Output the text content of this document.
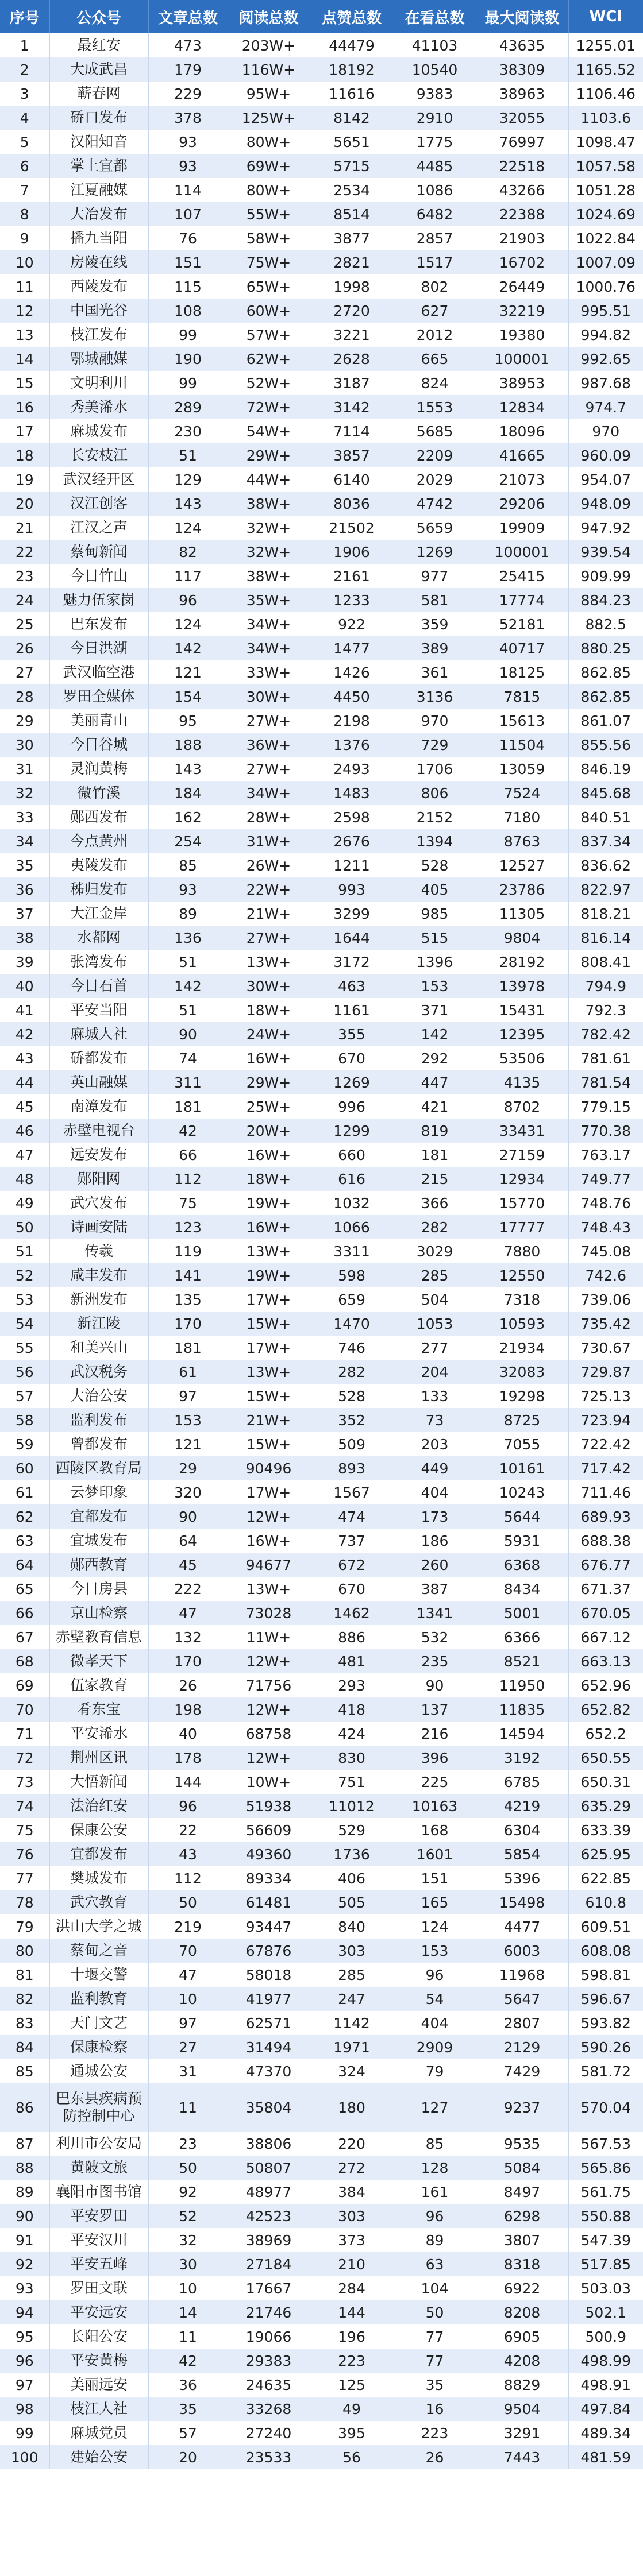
序号	公众号	文章总数	阅读总数	点赞总数	在看总数	最大阅读数	WCI
1	最红安	473	203W+	44479	41103	43635	1255.01
2	大成武昌	179	116W+	18192	10540	38309	1165.52
3	蕲春网	229	95W+	11616	9383	38963	1106.46
4	硚口发布	378	125W+	8142	2910	32055	1103.6
5	汉阳知音	93	80W+	5651	1775	76997	1098.47
6	掌上宜都	93	69W+	5715	4485	22518	1057.58
7	江夏融媒	114	80W+	2534	1086	43266	1051.28
8	大冶发布	107	55W+	8514	6482	22388	1024.69
9	播九当阳	76	58W+	3877	2857	21903	1022.84
10	房陵在线	151	75W+	2821	1517	16702	1007.09
11	西陵发布	115	65W+	1998	802	26449	1000.76
12	中国光谷	108	60W+	2720	627	32219	995.51
13	枝江发布	99	57W+	3221	2012	19380	994.82
14	鄂城融媒	190	62W+	2628	665	100001	992.65
15	文明利川	99	52W+	3187	824	38953	987.68
16	秀美浠水	289	72W+	3142	1553	12834	974.7
17	麻城发布	230	54W+	7114	5685	18096	970
18	长安枝江	51	29W+	3857	2209	41665	960.09
19	武汉经开区	129	44W+	6140	2029	21073	954.07
20	汉江创客	143	38W+	8036	4742	29206	948.09
21	江汉之声	124	32W+	21502	5659	19909	947.92
22	蔡甸新闻	82	32W+	1906	1269	100001	939.54
23	今日竹山	117	38W+	2161	977	25415	909.99
24	魅力伍家岗	96	35W+	1233	581	17774	884.23
25	巴东发布	124	34W+	922	359	52181	882.5
26	今日洪湖	142	34W+	1477	389	40717	880.25
27	武汉临空港	121	33W+	1426	361	18125	862.85
28	罗田全媒体	154	30W+	4450	3136	7815	862.85
29	美丽青山	95	27W+	2198	970	15613	861.07
30	今日谷城	188	36W+	1376	729	11504	855.56
31	灵润黄梅	143	27W+	2493	1706	13059	846.19
32	微竹溪	184	34W+	1483	806	7524	845.68
33	郧西发布	162	28W+	2598	2152	7180	840.51
34	今点黄州	254	31W+	2676	1394	8763	837.34
35	夷陵发布	85	26W+	1211	528	12527	836.62
36	秭归发布	93	22W+	993	405	23786	822.97
37	大江金岸	89	21W+	3299	985	11305	818.21
38	水都网	136	27W+	1644	515	9804	816.14
39	张湾发布	51	13W+	3172	1396	28192	808.41
40	今日石首	142	30W+	463	153	13978	794.9
41	平安当阳	51	18W+	1161	371	15431	792.3
42	麻城人社	90	24W+	355	142	12395	782.42
43	硚都发布	74	16W+	670	292	53506	781.61
44	英山融媒	311	29W+	1269	447	4135	781.54
45	南漳发布	181	25W+	996	421	8702	779.15
46	赤壁电视台	42	20W+	1299	819	33431	770.38
47	远安发布	66	16W+	660	181	27159	763.17
48	郧阳网	112	18W+	616	215	12934	749.77
49	武穴发布	75	19W+	1032	366	15770	748.76
50	诗画安陆	123	16W+	1066	282	17777	748.43
51	传羲	119	13W+	3311	3029	7880	745.08
52	咸丰发布	141	19W+	598	285	12550	742.6
53	新洲发布	135	17W+	659	504	7318	739.06
54	新江陵	170	15W+	1470	1053	10593	735.42
55	和美兴山	181	17W+	746	277	21934	730.67
56	武汉税务	61	13W+	282	204	32083	729.87
57	大治公安	97	15W+	528	133	19298	725.13
58	监利发布	153	21W+	352	73	8725	723.94
59	曾都发布	121	15W+	509	203	7055	722.42
60	西陵区教育局	29	90496	893	449	10161	717.42
61	云梦印象	320	17W+	1567	404	10243	711.46
62	宜都发布	90	12W+	474	173	5644	689.93
63	宜城发布	64	16W+	737	186	5931	688.38
64	郧西教育	45	94677	672	260	6368	676.77
65	今日房县	222	13W+	670	387	8434	671.37
66	京山检察	47	73028	1462	1341	5001	670.05
67	赤壁教育信息	132	11W+	886	532	6366	667.12
68	微孝天下	170	12W+	481	235	8521	663.13
69	伍家教育	26	71756	293	90	11950	652.96
70	肴东宝	198	12W+	418	137	11835	652.82
71	平安浠水	40	68758	424	216	14594	652.2
72	荆州区讯	178	12W+	830	396	3192	650.55
73	大悟新闻	144	10W+	751	225	6785	650.31
74	法治红安	96	51938	11012	10163	4219	635.29
75	保康公安	22	56609	529	168	6304	633.39
76	宜都发布	43	49360	1736	1601	5854	625.95
77	樊城发布	112	89334	406	151	5396	622.85
78	武穴教育	50	61481	505	165	15498	610.8
79	洪山大学之城	219	93447	840	124	4477	609.51
80	蔡甸之音	70	67876	303	153	6003	608.08
81	十堰交警	47	58018	285	96	11968	598.81
82	监利教育	10	41977	247	54	5647	596.67
83	天门文艺	97	62571	1142	404	2807	593.82
84	保康检察	27	31494	1971	2909	2129	590.26
85	通城公安	31	47370	324	79	7429	581.72
86	巴东县疾病预防控制中心	11	35804	180	127	9237	570.04
87	利川市公安局	23	38806	220	85	9535	567.53
88	黄陂文旅	50	50807	272	128	5084	565.86
89	襄阳市图书馆	92	48977	384	161	8497	561.75
90	平安罗田	52	42523	303	96	6298	550.88
91	平安汉川	32	38969	373	89	3807	547.39
92	平安五峰	30	27184	210	63	8318	517.85
93	罗田文联	10	17667	284	104	6922	503.03
94	平安远安	14	21746	144	50	8208	502.1
95	长阳公安	11	19066	196	77	6905	500.9
96	平安黄梅	42	29383	223	77	4208	498.99
97	美丽远安	36	24635	125	35	8829	498.91
98	枝江人社	35	33268	49	16	9504	497.84
99	麻城党员	57	27240	395	223	3291	489.34
100	建始公安	20	23533	56	26	7443	481.59
